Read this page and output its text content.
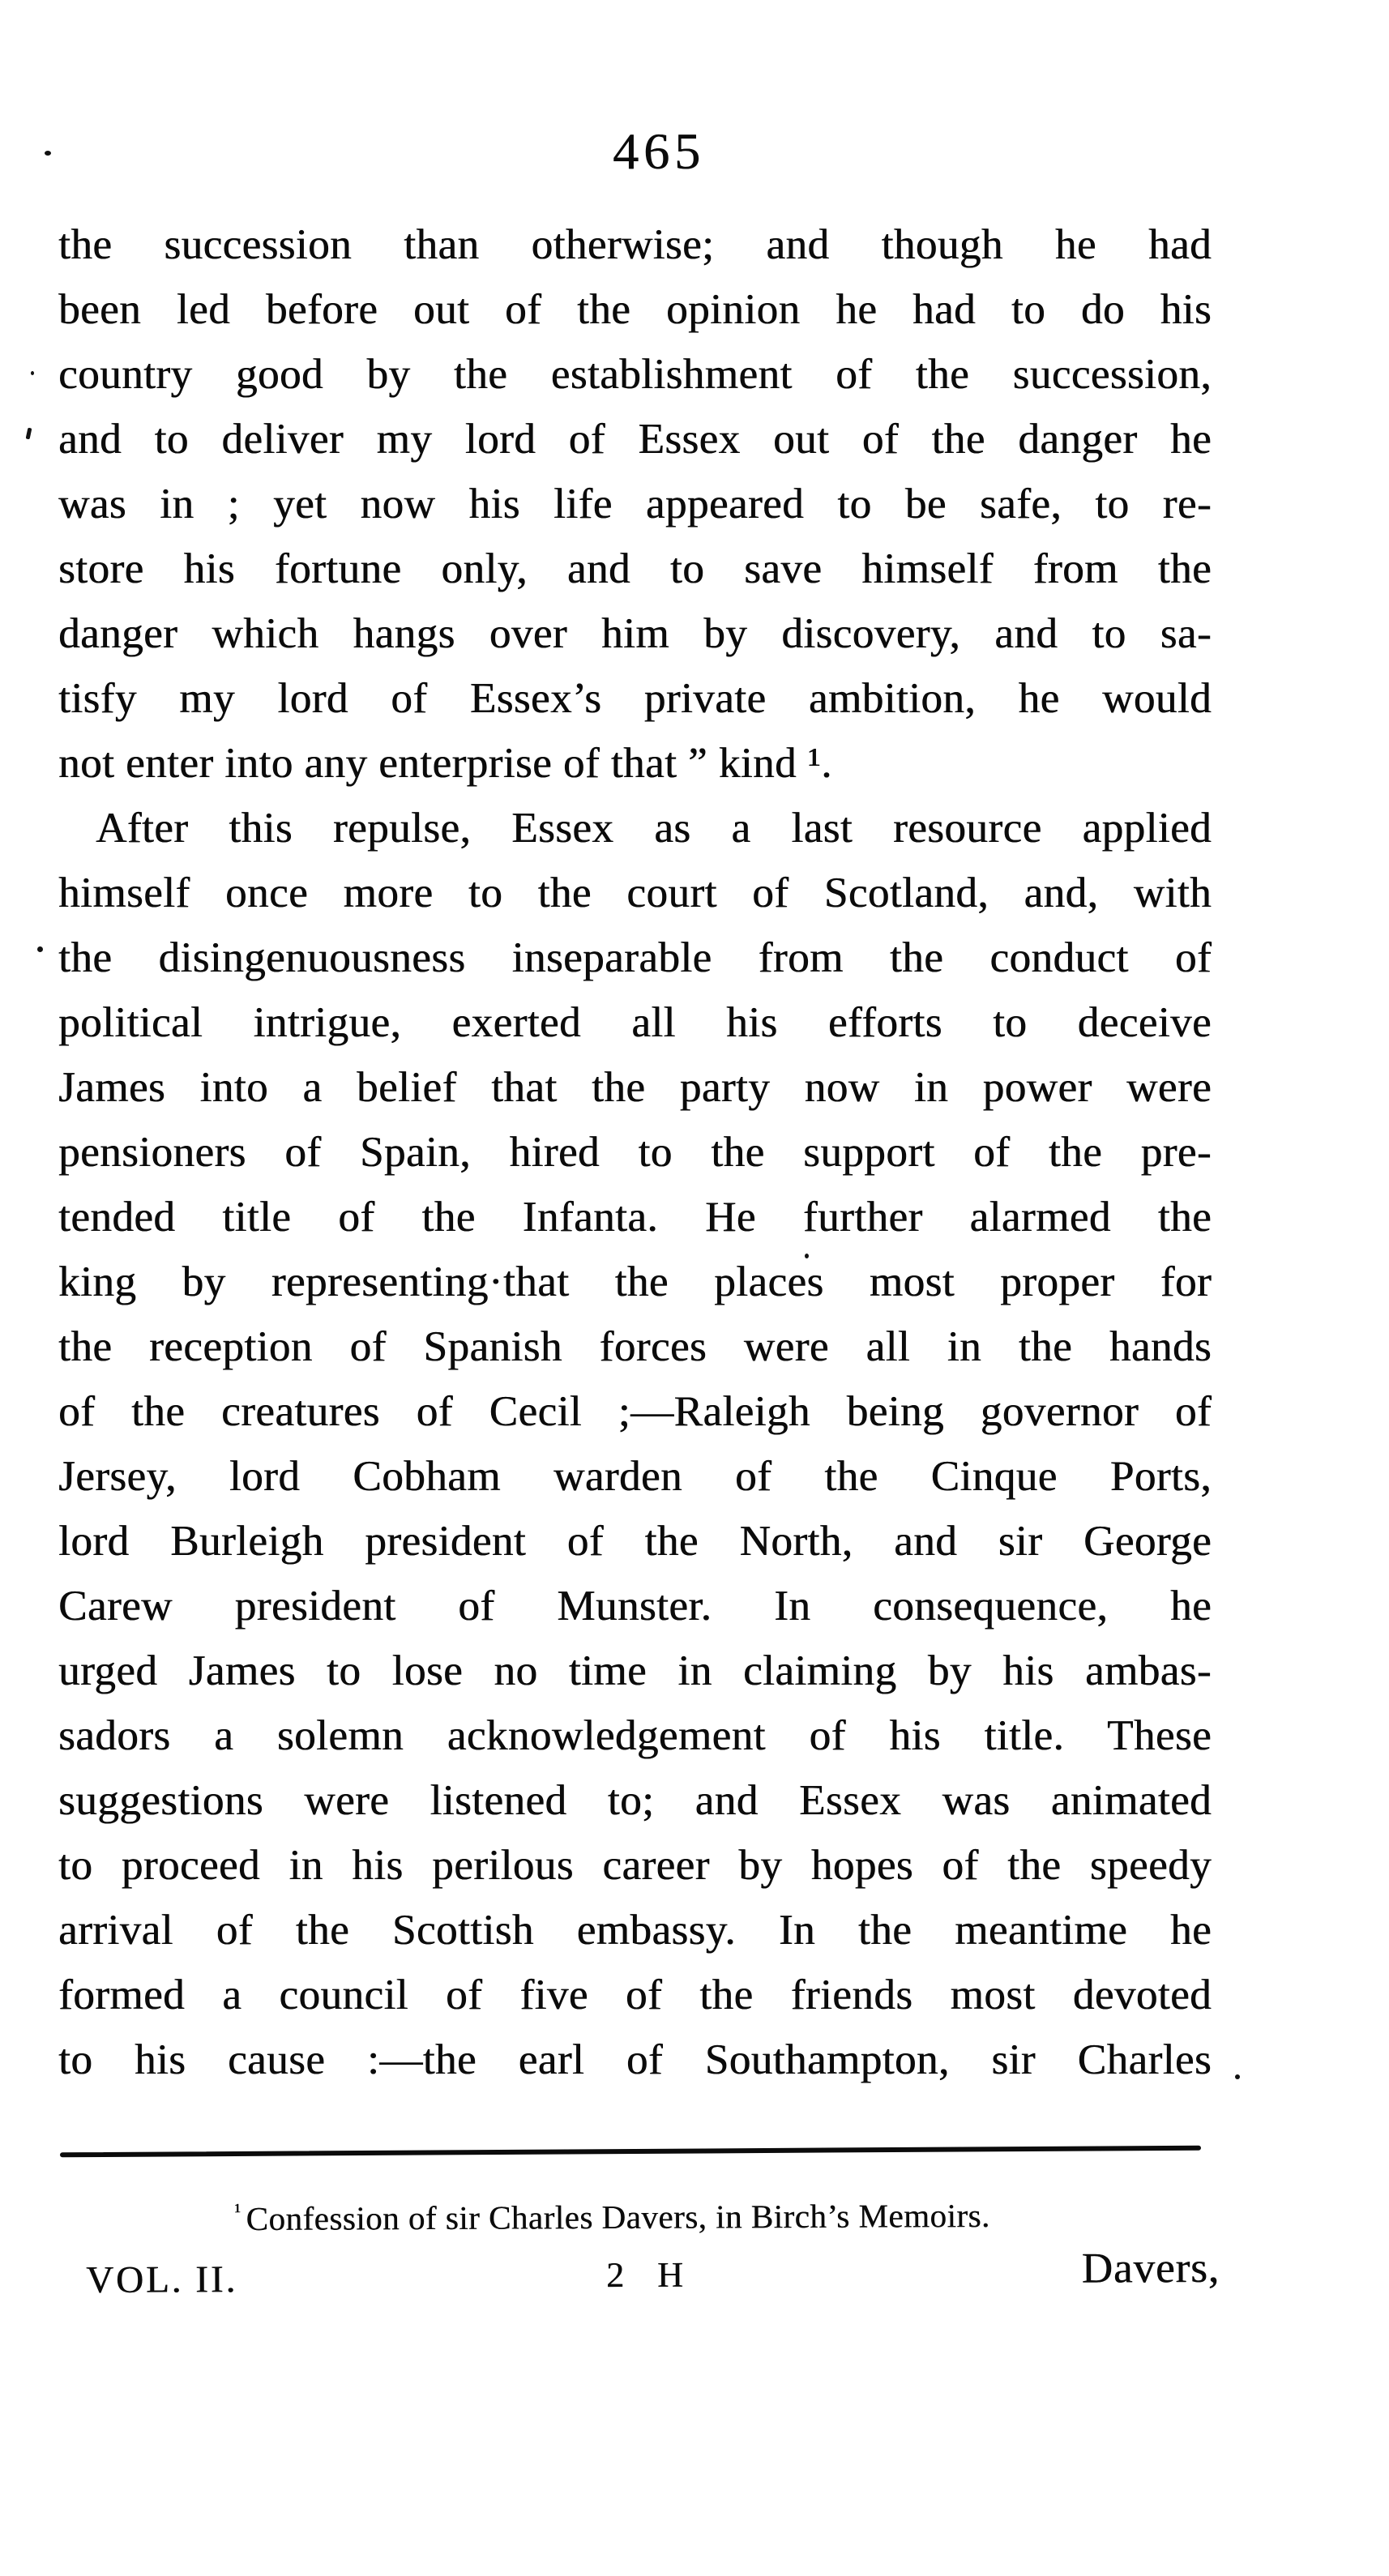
465
the succession than otherwise; and though he had
been led before out of the opinion he had to do his
country good by the establishment of the succession,
and to deliver my lord of Essex out of the danger he
was in ; yet now his life appeared to be safe, to re-
store his fortune only, and to save himself from the
danger which hangs over him by discovery, and to sa-
tisfy my lord of Essex’s private ambition, he would
not enter into any enterprise of that ” kind ¹.
After this repulse, Essex as a last resource applied
himself once more to the court of Scotland, and, with
the disingenuousness inseparable from the conduct of
political intrigue, exerted all his efforts to deceive
James into a belief that the party now in power were
pensioners of Spain, hired to the support of the pre-
tended title of the Infanta. He further alarmed the
king by representing·that the places most proper for
the reception of Spanish forces were all in the hands
of the creatures of Cecil ;—Raleigh being governor of
Jersey, lord Cobham warden of the Cinque Ports,
lord Burleigh president of the North, and sir George
Carew president of Munster. In consequence, he
urged James to lose no time in claiming by his ambas-
sadors a solemn acknowledgement of his title. These
suggestions were listened to; and Essex was animated
to proceed in his perilous career by hopes of the speedy
arrival of the Scottish embassy. In the meantime he
formed a council of five of the friends most devoted
to his cause :—the earl of Southampton, sir Charles
$^{^1}$ Confession of sir Charles Davers, in Birch’s Memoirs.
VOL. II.	2 H	Davers,
